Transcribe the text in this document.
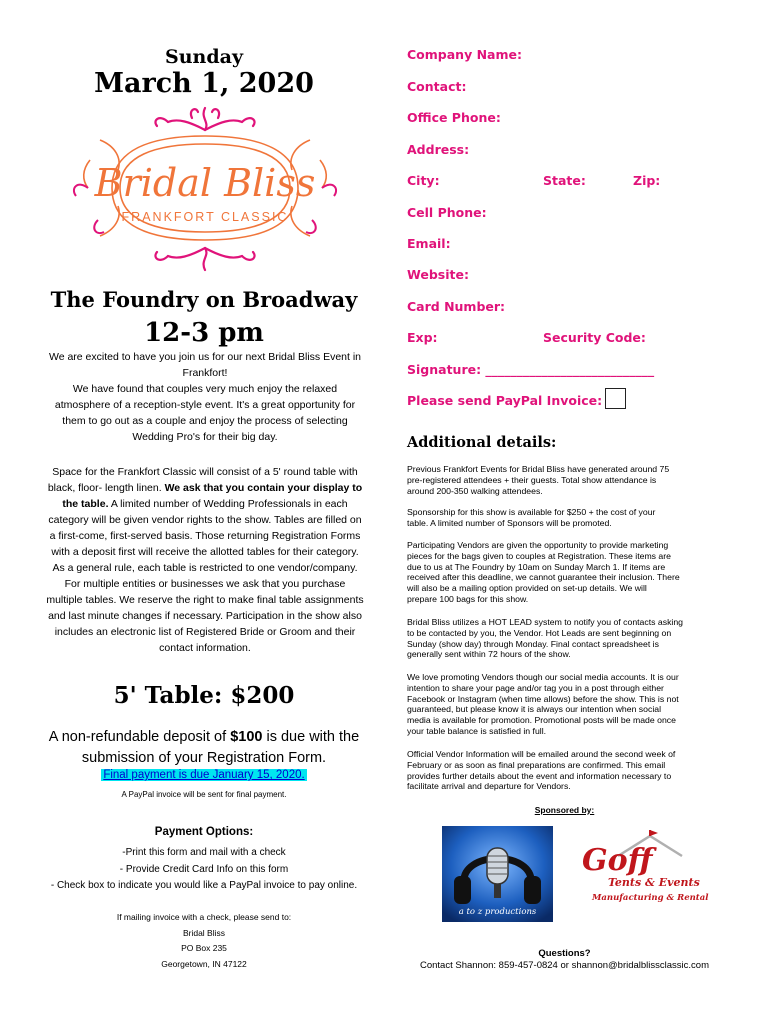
Sunday
March 1, 2020
Bridal Bliss
FRANKFORT CLASSIC
The Foundry on Broadway
12-3 pm
We are excited to have you join us for our next Bridal Bliss Event in
Frankfort!
We have found that couples very much enjoy the relaxed
atmosphere of a reception-style event. It's a great opportunity for
them to go out as a couple and enjoy the process of selecting
Wedding Pro's for their big day.
Space for the Frankfort Classic will consist of a 5' round table with
black, floor- length linen. We ask that you contain your display to
the table. A limited number of Wedding Professionals in each
category will be given vendor rights to the show. Tables are filled on
a first-come, first-served basis. Those returning Registration Forms
with a deposit first will receive the allotted tables for their category.
As a general rule, each table is restricted to one vendor/company.
For multiple entities or businesses we ask that you purchase
multiple tables. We reserve the right to make final table assignments
and last minute changes if necessary. Participation in the show also
includes an electronic list of Registered Bride or Groom and their
contact information.
5' Table: $200
A non-refundable deposit of $100 is due with the
submission of your Registration Form.
Final payment is due January 15, 2020.
A PayPal invoice will be sent for final payment.
Payment Options:
-Print this form and mail with a check
- Provide Credit Card Info on this form
- Check box to indicate you would like a PayPal invoice to pay online.
If mailing invoice with a check, please send to:
Bridal Bliss
PO Box 235
Georgetown, IN 47122
Company Name:
Contact:
Office Phone:
Address:
City:	State:	Zip:
Cell Phone:
Email:
Website:
Card Number:
Exp:	Security Code:
Signature: ___________________________
Please send PayPal Invoice:
Additional details:
Previous Frankfort Events for Bridal Bliss have generated around 75
pre-registered attendees + their guests. Total show attendance is
around 200-350 walking attendees.
Sponsorship for this show is available for $250 + the cost of your
table. A limited number of Sponsors will be promoted.
Participating Vendors are given the opportunity to provide marketing
pieces for the bags given to couples at Registration. These items are
due to us at The Foundry by 10am on Sunday March 1. If items are
received after this deadline, we cannot guarantee their inclusion. There
will also be a mailing option provided on set-up details. We will
prepare 100 bags for this show.
Bridal Bliss utilizes a HOT LEAD system to notify you of contacts asking
to be contacted by you, the Vendor. Hot Leads are sent beginning on
Sunday (show day) through Monday. Final contact spreadsheet is
generally sent within 72 hours of the show.
We love promoting Vendors though our social media accounts. It is our
intention to share your page and/or tag you in a post through either
Facebook or Instagram (when time allows) before the show. This is not
guaranteed, but please know it is always our intention when social
media is available for promotion. Promotional posts will be made once
your table balance is satisfied in full.
Official Vendor Information will be emailed around the second week of
February or as soon as final preparations are confirmed. This email
provides further details about the event and information necessary to
facilitate arrival and departure for Vendors.
Sponsored by:
a to z productions
Goff
Tents & Events
Manufacturing & Rental
Questions?
Contact Shannon: 859-457-0824 or shannon@bridalblissclassic.com
